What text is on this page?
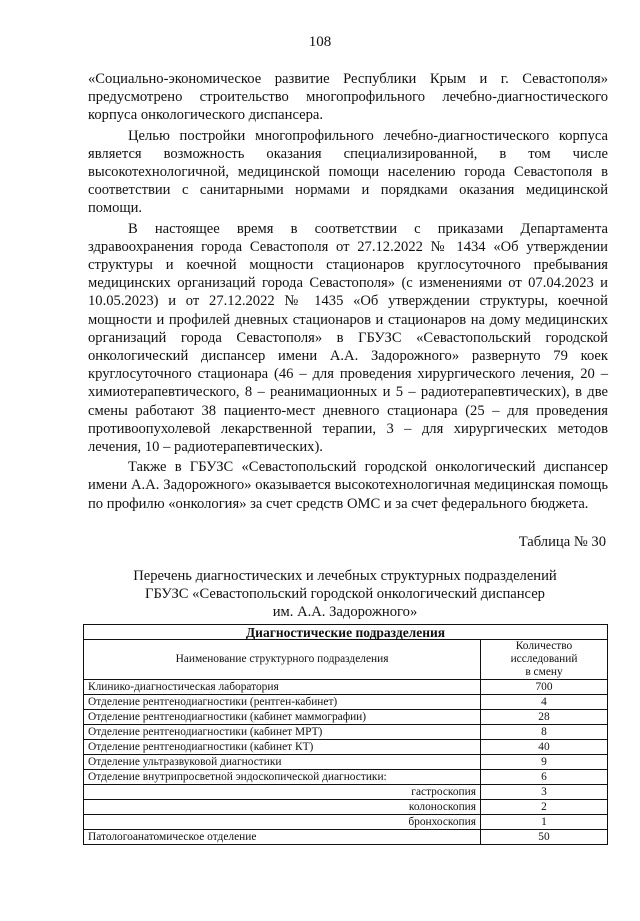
108

«Социально-экономическое развитие Республики Крым и г. Севастополя» предусмотрено строительство многопрофильного лечебно-диагностического корпуса онкологического диспансера.

Целью постройки многопрофильного лечебно-диагностического корпуса является возможность оказания специализированной, в том числе высокотехнологичной, медицинской помощи населению города Севастополя в соответствии с санитарными нормами и порядками оказания медицинской помощи.

В настоящее время в соответствии с приказами Департамента здравоохранения города Севастополя от 27.12.2022 № 1434 «Об утверждении структуры и коечной мощности стационаров круглосуточного пребывания медицинских организаций города Севастополя» (с изменениями от 07.04.2023 и 10.05.2023) и от 27.12.2022 № 1435 «Об утверждении структуры, коечной мощности и профилей дневных стационаров и стационаров на дому медицинских организаций города Севастополя» в ГБУЗС «Севастопольский городской онкологический диспансер имени А.А. Задорожного» развернуто 79 коек круглосуточного стационара (46 – для проведения хирургического лечения, 20 – химиотерапевтического, 8 – реанимационных и 5 – радиотерапевтических), в две смены работают 38 пациенто-мест дневного стационара (25 – для проведения противоопухолевой лекарственной терапии, 3 – для хирургических методов лечения, 10 – радиотерапевтических).

Также в ГБУЗС «Севастопольский городской онкологический диспансер имени А.А. Задорожного» оказывается высокотехнологичная медицинская помощь по профилю «онкология» за счет средств ОМС и за счет федерального бюджета.

Таблица № 30
Перечень диагностических и лечебных структурных подразделений
ГБУЗС «Севастопольский городской онкологический диспансер
им. А.А. Задорожного»
Диагностические подразделения	
Наименование структурного подразделения	Количество
исследований
в смену

Клинико-диагностическая лаборатория	700
Отделение рентгенодиагностики (рентген-кабинет)	4
Отделение рентгенодиагностики (кабинет маммографии)	28
Отделение рентгенодиагностики (кабинет МРТ)	8
Отделение рентгенодиагностики (кабинет КТ)	40
Отделение ультразвуковой диагностики	9
Отделение внутрипросветной эндоскопической диагностики:	6
гастроскопия	3
колоноскопия	2
бронхоскопия	1
Патологоанатомическое отделение	50
